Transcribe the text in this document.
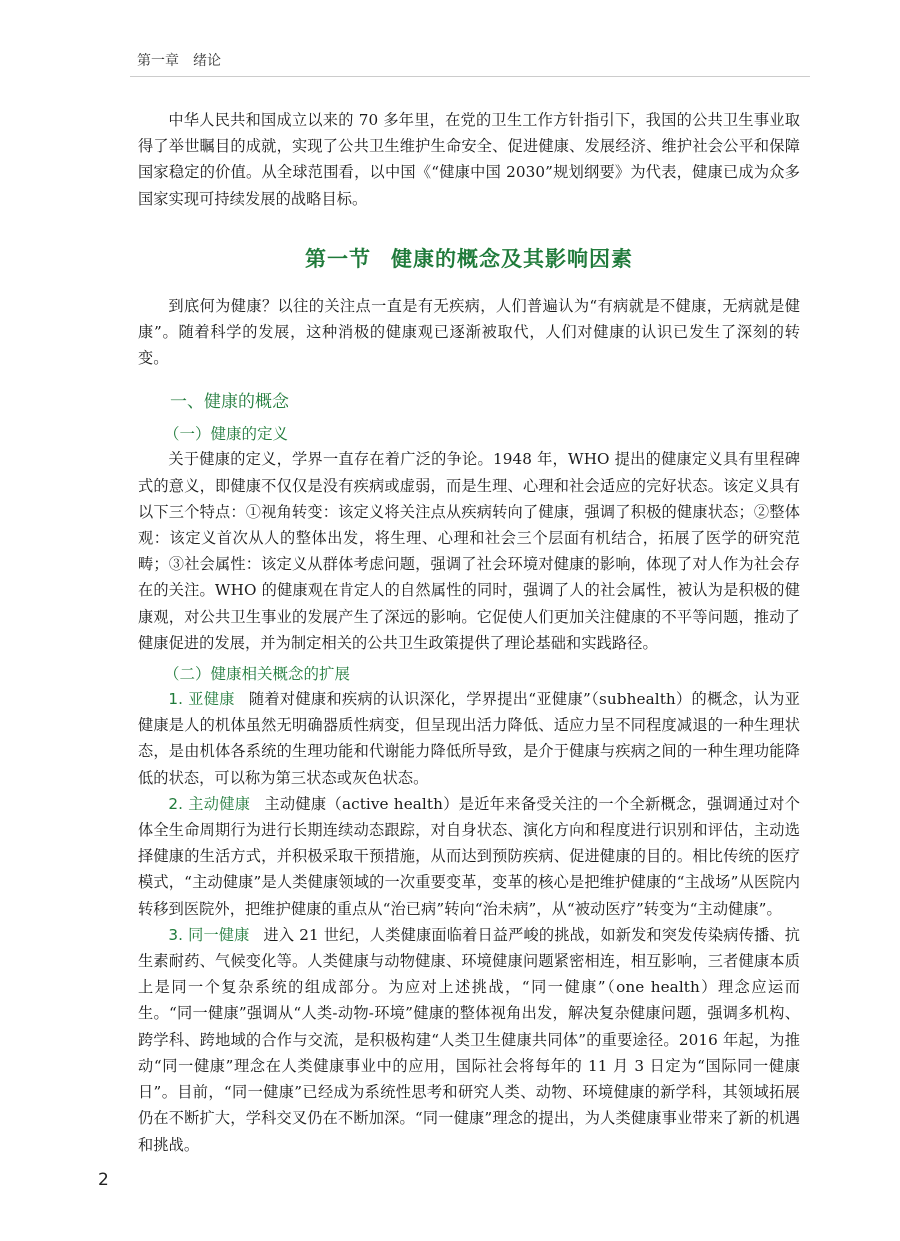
第一章 绪论

中华人民共和国成立以来的 70 多年里，在党的卫生工作方针指引下，我国的公共卫生事业取得了举世瞩目的成就，实现了公共卫生维护生命安全、促进健康、发展经济、维护社会公平和保障国家稳定的价值。从全球范围看，以中国《“健康中国 2030”规划纲要》为代表，健康已成为众多国家实现可持续发展的战略目标。

第一节 健康的概念及其影响因素

到底何为健康？以往的关注点一直是有无疾病，人们普遍认为“有病就是不健康，无病就是健康”。随着科学的发展，这种消极的健康观已逐渐被取代，人们对健康的认识已发生了深刻的转变。

一、健康的概念
（一）健康的定义

关于健康的定义，学界一直存在着广泛的争论。1948 年，WHO 提出的健康定义具有里程碑式的意义，即健康不仅仅是没有疾病或虚弱，而是生理、心理和社会适应的完好状态。该定义具有以下三个特点：①视角转变：该定义将关注点从疾病转向了健康，强调了积极的健康状态；②整体观：该定义首次从人的整体出发，将生理、心理和社会三个层面有机结合，拓展了医学的研究范畴；③社会属性：该定义从群体考虑问题，强调了社会环境对健康的影响，体现了对人作为社会存在的关注。WHO 的健康观在肯定人的自然属性的同时，强调了人的社会属性，被认为是积极的健康观，对公共卫生事业的发展产生了深远的影响。它促使人们更加关注健康的不平等问题，推动了健康促进的发展，并为制定相关的公共卫生政策提供了理论基础和实践路径。

（二）健康相关概念的扩展

1. 亚健康 随着对健康和疾病的认识深化，学界提出“亚健康”（subhealth）的概念，认为亚健康是人的机体虽然无明确器质性病变，但呈现出活力降低、适应力呈不同程度减退的一种生理状态，是由机体各系统的生理功能和代谢能力降低所导致，是介于健康与疾病之间的一种生理功能降低的状态，可以称为第三状态或灰色状态。

2. 主动健康 主动健康（active health）是近年来备受关注的一个全新概念，强调通过对个体全生命周期行为进行长期连续动态跟踪，对自身状态、演化方向和程度进行识别和评估，主动选择健康的生活方式，并积极采取干预措施，从而达到预防疾病、促进健康的目的。相比传统的医疗模式，“主动健康”是人类健康领域的一次重要变革，变革的核心是把维护健康的“主战场”从医院内转移到医院外，把维护健康的重点从“治已病”转向“治未病”，从“被动医疗”转变为“主动健康”。

3. 同一健康 进入 21 世纪，人类健康面临着日益严峻的挑战，如新发和突发传染病传播、抗生素耐药、气候变化等。人类健康与动物健康、环境健康问题紧密相连，相互影响，三者健康本质上是同一个复杂系统的组成部分。为应对上述挑战，“同一健康”（one health）理念应运而生。“同一健康”强调从“人类-动物-环境”健康的整体视角出发，解决复杂健康问题，强调多机构、跨学科、跨地域的合作与交流，是积极构建“人类卫生健康共同体”的重要途径。2016 年起，为推动“同一健康”理念在人类健康事业中的应用，国际社会将每年的 11 月 3 日定为“国际同一健康日”。目前，“同一健康”已经成为系统性思考和研究人类、动物、环境健康的新学科，其领域拓展仍在不断扩大，学科交叉仍在不断加深。“同一健康”理念的提出，为人类健康事业带来了新的机遇和挑战。

2
